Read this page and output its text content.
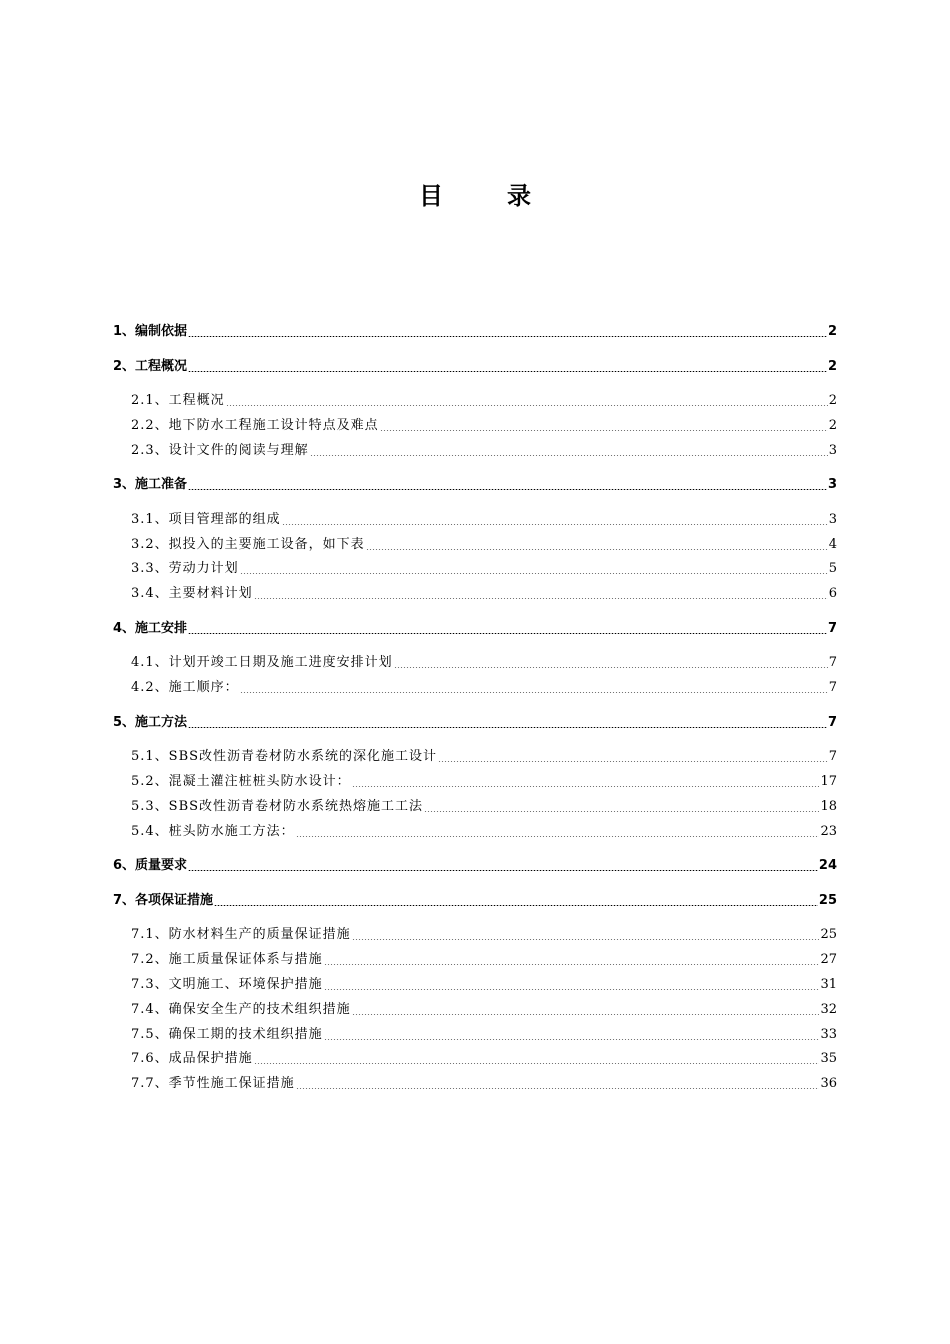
目　录
1、编制依据	2
2、工程概况	2
2.1、工程概况	2
2.2、地下防水工程施工设计特点及难点	2
2.3、设计文件的阅读与理解	3
3、施工准备	3
3.1、项目管理部的组成	3
3.2、拟投入的主要施工设备，如下表	4
3.3、劳动力计划	5
3.4、主要材料计划	6
4、施工安排	7
4.1、计划开竣工日期及施工进度安排计划	7
4.2、施工顺序：	7
5、施工方法	7
5.1、SBS改性沥青卷材防水系统的深化施工设计	7
5.2、混凝土灌注桩桩头防水设计：	17
5.3、SBS改性沥青卷材防水系统热熔施工工法	18
5.4、桩头防水施工方法：	23
6、质量要求	24
7、各项保证措施	25
7.1、防水材料生产的质量保证措施	25
7.2、施工质量保证体系与措施	27
7.3、文明施工、环境保护措施	31
7.4、确保安全生产的技术组织措施	32
7.5、确保工期的技术组织措施	33
7.6、成品保护措施	35
7.7、季节性施工保证措施	36
